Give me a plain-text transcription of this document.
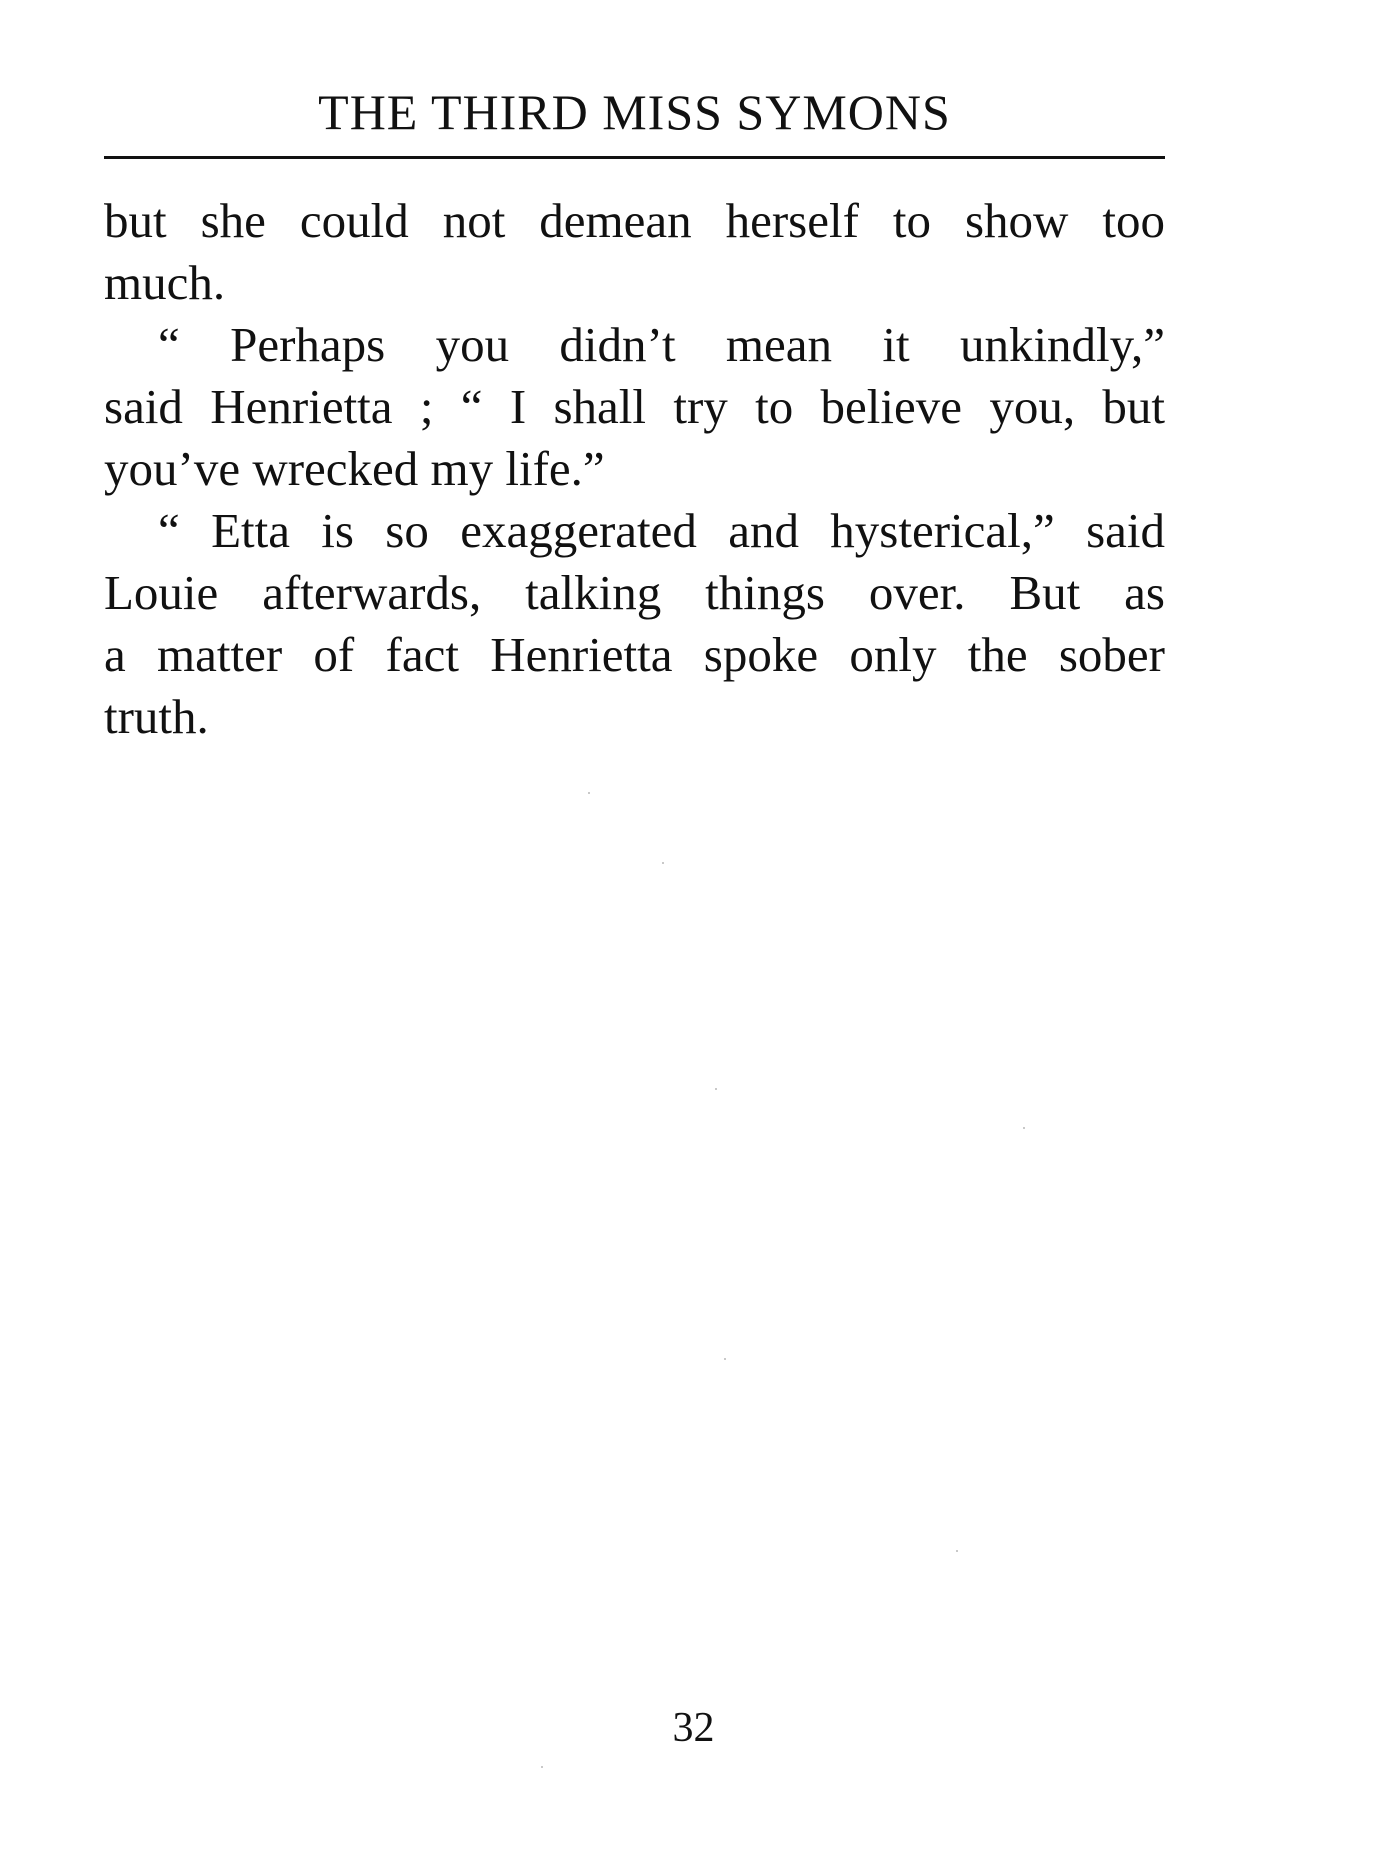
THE THIRD MISS SYMONS
but she could not demean herself to show too
much.
“ Perhaps you didn’t mean it unkindly,”
said Henrietta ; “ I shall try to believe you, but
you’ve wrecked my life.”
“ Etta is so exaggerated and hysterical,” said
Louie afterwards, talking things over. But as
a matter of fact Henrietta spoke only the sober
truth.
32
